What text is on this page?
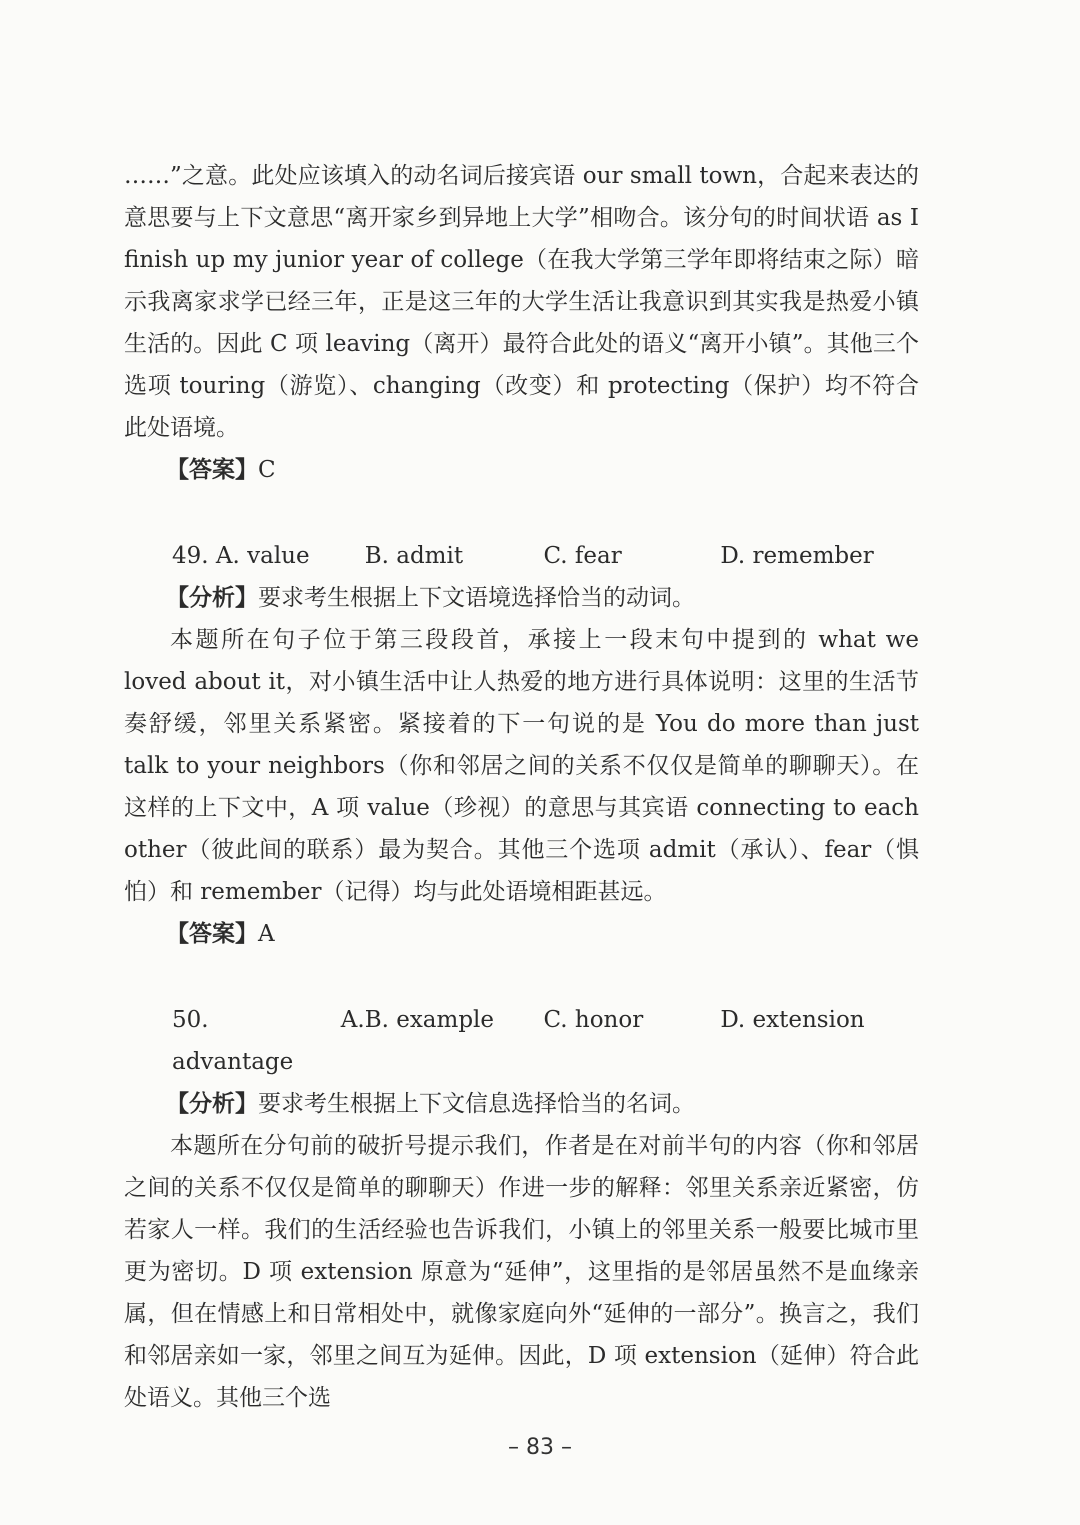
……”之意。此处应该填入的动名词后接宾语 our small town，合起来表达的意思要与上下文意思“离开家乡到异地上大学”相吻合。该分句的时间状语 as I finish up my junior year of college（在我大学第三学年即将结束之际）暗示我离家求学已经三年，正是这三年的大学生活让我意识到其实我是热爱小镇生活的。因此 C 项 leaving（离开）最符合此处的语义“离开小镇”。其他三个选项 touring（游览）、changing（改变）和 protecting（保护）均不符合此处语境。

【答案】C

49. A. value	B. admit	C. fear	D. remember

【分析】要求考生根据上下文语境选择恰当的动词。

本题所在句子位于第三段段首，承接上一段末句中提到的 what we loved about it，对小镇生活中让人热爱的地方进行具体说明：这里的生活节奏舒缓，邻里关系紧密。紧接着的下一句说的是 You do more than just talk to your neighbors（你和邻居之间的关系不仅仅是简单的聊聊天）。在这样的上下文中，A 项 value（珍视）的意思与其宾语 connecting to each other（彼此间的联系）最为契合。其他三个选项 admit（承认）、fear（惧怕）和 remember（记得）均与此处语境相距甚远。

【答案】A

50. A. advantage
B. example	C. honor	D. extension

【分析】要求考生根据上下文信息选择恰当的名词。

本题所在分句前的破折号提示我们，作者是在对前半句的内容（你和邻居之间的关系不仅仅是简单的聊聊天）作进一步的解释：邻里关系亲近紧密，仿若家人一样。我们的生活经验也告诉我们，小镇上的邻里关系一般要比城市里更为密切。D 项 extension 原意为“延伸”，这里指的是邻居虽然不是血缘亲属，但在情感上和日常相处中，就像家庭向外“延伸的一部分”。换言之，我们和邻居亲如一家，邻里之间互为延伸。因此，D 项 extension（延伸）符合此处语义。其他三个选

– 83 –
